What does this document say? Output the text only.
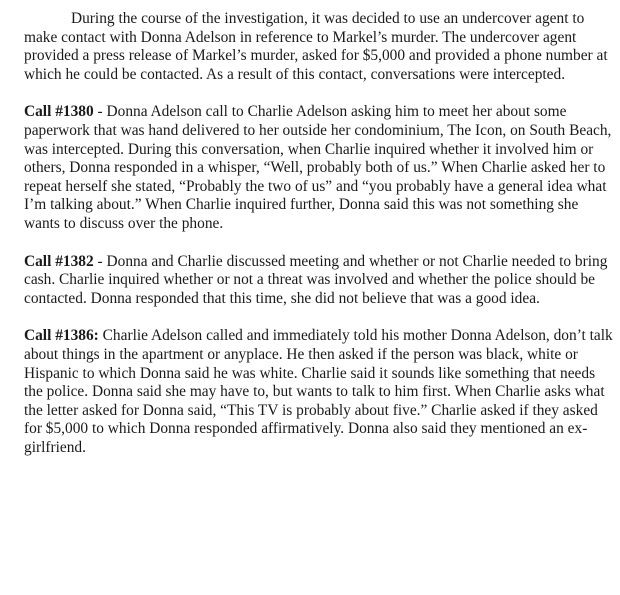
During the course of the investigation, it was decided to use an undercover agent to make contact with Donna Adelson in reference to Markel’s murder. The undercover agent provided a press release of Markel’s murder, asked for $5,000 and provided a phone number at which he could be contacted. As a result of this contact, conversations were intercepted.

Call #1380 - Donna Adelson call to Charlie Adelson asking him to meet her about some paperwork that was hand delivered to her outside her condominium, The Icon, on South Beach, was intercepted. During this conversation, when Charlie inquired whether it involved him or others, Donna responded in a whisper, “Well, probably both of us.” When Charlie asked her to repeat herself she stated, “Probably the two of us” and “you probably have a general idea what I’m talking about.” When Charlie inquired further, Donna said this was not something she wants to discuss over the phone.

Call #1382 - Donna and Charlie discussed meeting and whether or not Charlie needed to bring cash. Charlie inquired whether or not a threat was involved and whether the police should be contacted. Donna responded that this time, she did not believe that was a good idea.

Call #1386: Charlie Adelson called and immediately told his mother Donna Adelson, don’t talk about things in the apartment or anyplace. He then asked if the person was black, white or Hispanic to which Donna said he was white. Charlie said it sounds like something that needs the police. Donna said she may have to, but wants to talk to him first. When Charlie asks what the letter asked for Donna said, “This TV is probably about five.” Charlie asked if they asked for $5,000 to which Donna responded affirmatively. Donna also said they mentioned an ex-girlfriend.
